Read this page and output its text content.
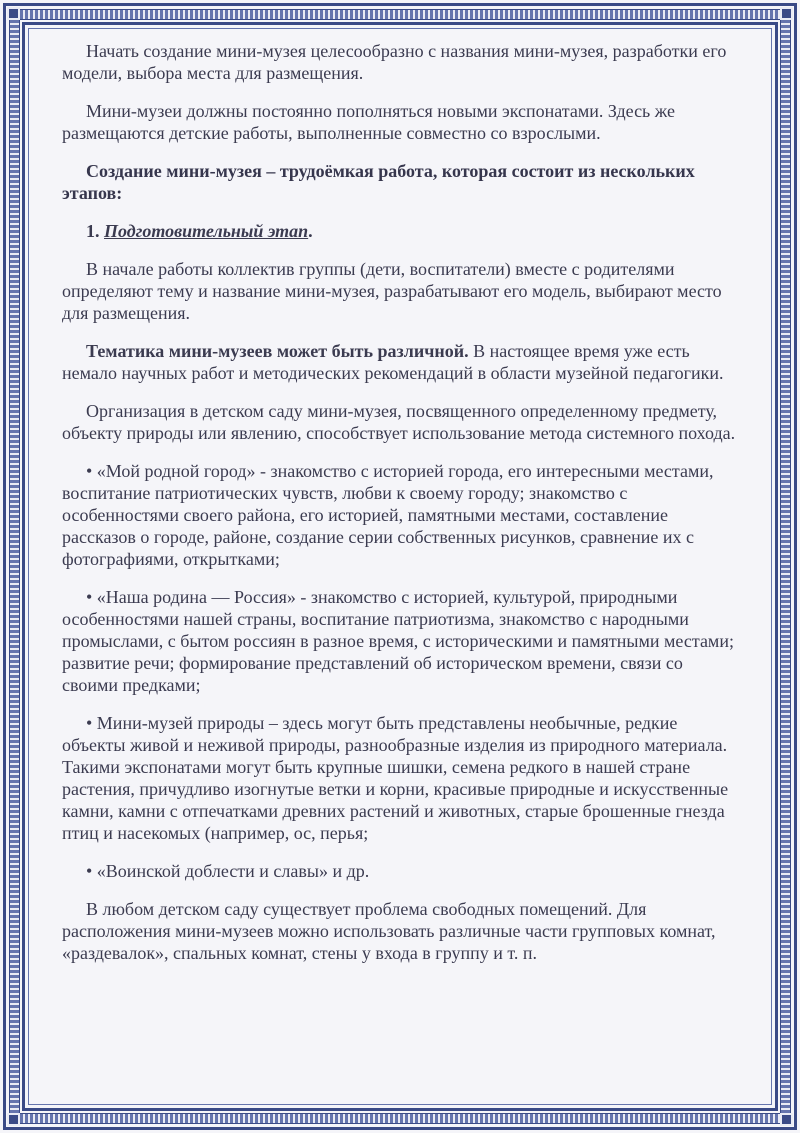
Начать создание мини-музея целесообразно с названия мини-музея, разработки его модели, выбора места для размещения.

Мини-музеи должны постоянно пополняться новыми экспонатами. Здесь же размещаются детские работы, выполненные совместно со взрослыми.

Создание мини-музея – трудоёмкая работа, которая состоит из нескольких этапов:

1. Подготовительный этап.

В начале работы коллектив группы (дети, воспитатели) вместе с родителями определяют тему и название мини-музея, разрабатывают его модель, выбирают место для размещения.

Тематика мини-музеев может быть различной. В настоящее время уже есть немало научных работ и методических рекомендаций в области музейной педагогики.

Организация в детском саду мини-музея, посвященного определенному предмету, объекту природы или явлению, способствует использование метода системного похода.

• «Мой родной город» - знакомство с историей города, его интересными местами, воспитание патриотических чувств, любви к своему городу; знакомство с особенностями своего района, его историей, памятными местами, составление рассказов о городе, районе, создание серии собственных рисунков, сравнение их с фотографиями, открытками;

• «Наша родина — Россия» - знакомство с историей, культурой, природными особенностями нашей страны, воспитание патриотизма, знакомство с народными промыслами, с бытом россиян в разное время, с историческими и памятными местами; развитие речи; формирование представлений об историческом времени, связи со своими предками;

• Мини-музей природы – здесь могут быть представлены необычные, редкие объекты живой и неживой природы, разнообразные изделия из природного материала. Такими экспонатами могут быть крупные шишки, семена редкого в нашей стране растения, причудливо изогнутые ветки и корни, красивые природные и искусственные камни, камни с отпечатками древних растений и животных, старые брошенные гнезда птиц и насекомых (например, ос, перья;

• «Воинской доблести и славы» и др.

В любом детском саду существует проблема свободных помещений. Для расположения мини-музеев можно использовать различные части групповых комнат, «раздевалок», спальных комнат, стены у входа в группу и т. п.
